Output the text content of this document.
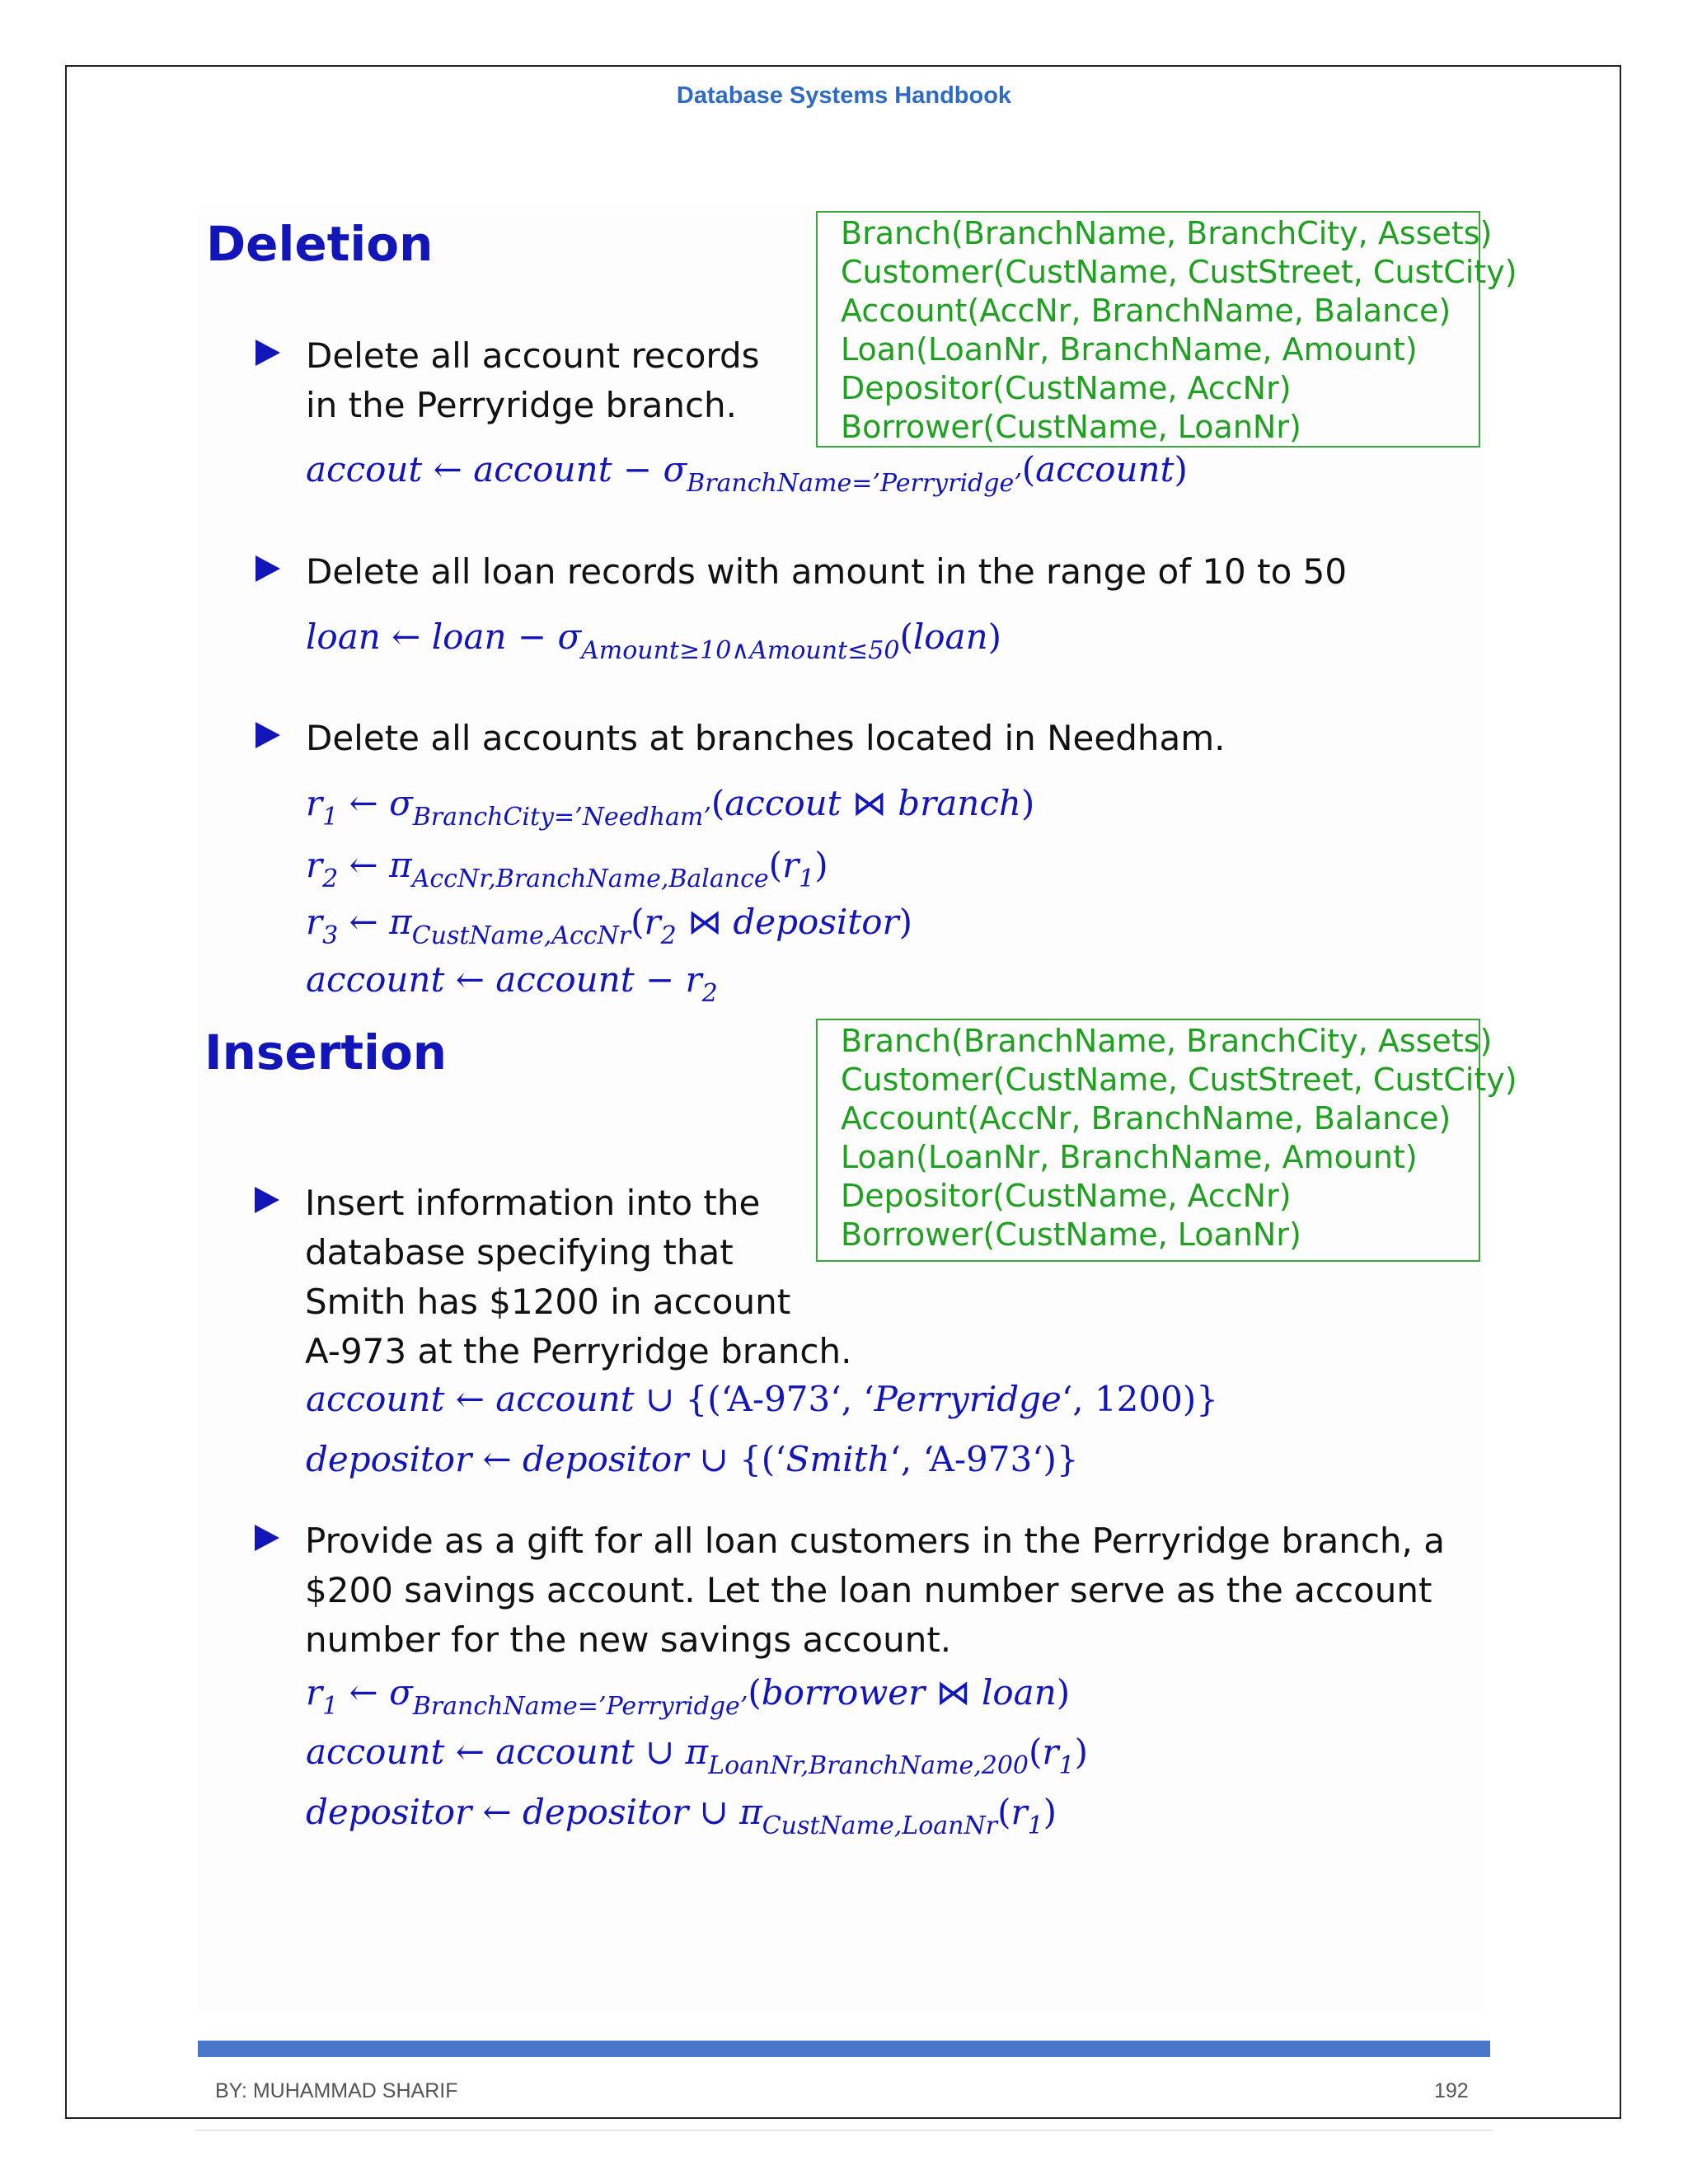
Database Systems Handbook
Deletion	Branch(BranchName, BranchCity, Assets)
Customer(CustName, CustStreet, CustCity)
Account(AccNr, BranchName, Balance)
Loan(LoanNr, BranchName, Amount)
Depositor(CustName, AccNr)
Borrower(CustName, LoanNr)
Delete all account records
in the Perryridge branch.
accout ← account − $\sigma_{BranchName=’Perryridge’}(account)$
Delete all loan records with amount in the range of 10 to 50
loan ← loan − $\sigma_{Amount\ge 10\wedge Amount\le 50}(loan)$
Delete all accounts at branches located in Needham.
$r_1$ ← $\sigma_{BranchCity=’Needham’}(accout$ ⋈ branch)
$r_2$ ← $\pi_{AccNr,BranchName,Balance}(r_1)$
$r_3$ ← $\pi_{CustName,AccNr}(r_2$ ⋈ depositor)
account ← account − $r_2$
Insertion	Branch(BranchName, BranchCity, Assets)
Customer(CustName, CustStreet, CustCity)
Account(AccNr, BranchName, Balance)
Loan(LoanNr, BranchName, Amount)
Depositor(CustName, AccNr)
Borrower(CustName, LoanNr)
Insert information into the
database specifying that
Smith has $1200 in account
A-973 at the Perryridge branch.
account ← account ∪ {(‘A-973‘, ‘Perryridge‘, 1200)}
depositor ← depositor ∪ {(‘Smith‘, ‘A-973‘)}
Provide as a gift for all loan customers in the Perryridge branch, a
$200 savings account. Let the loan number serve as the account
number for the new savings account.
$r_1$ ← $\sigma_{BranchName=’Perryridge’}(borrower$ ⋈ loan)
account ← account ∪ $\pi_{LoanNr,BranchName,200}(r_1)$
depositor ← depositor ∪ $\pi_{CustName,LoanNr}(r_1)$
BY: MUHAMMAD SHARIF	192
